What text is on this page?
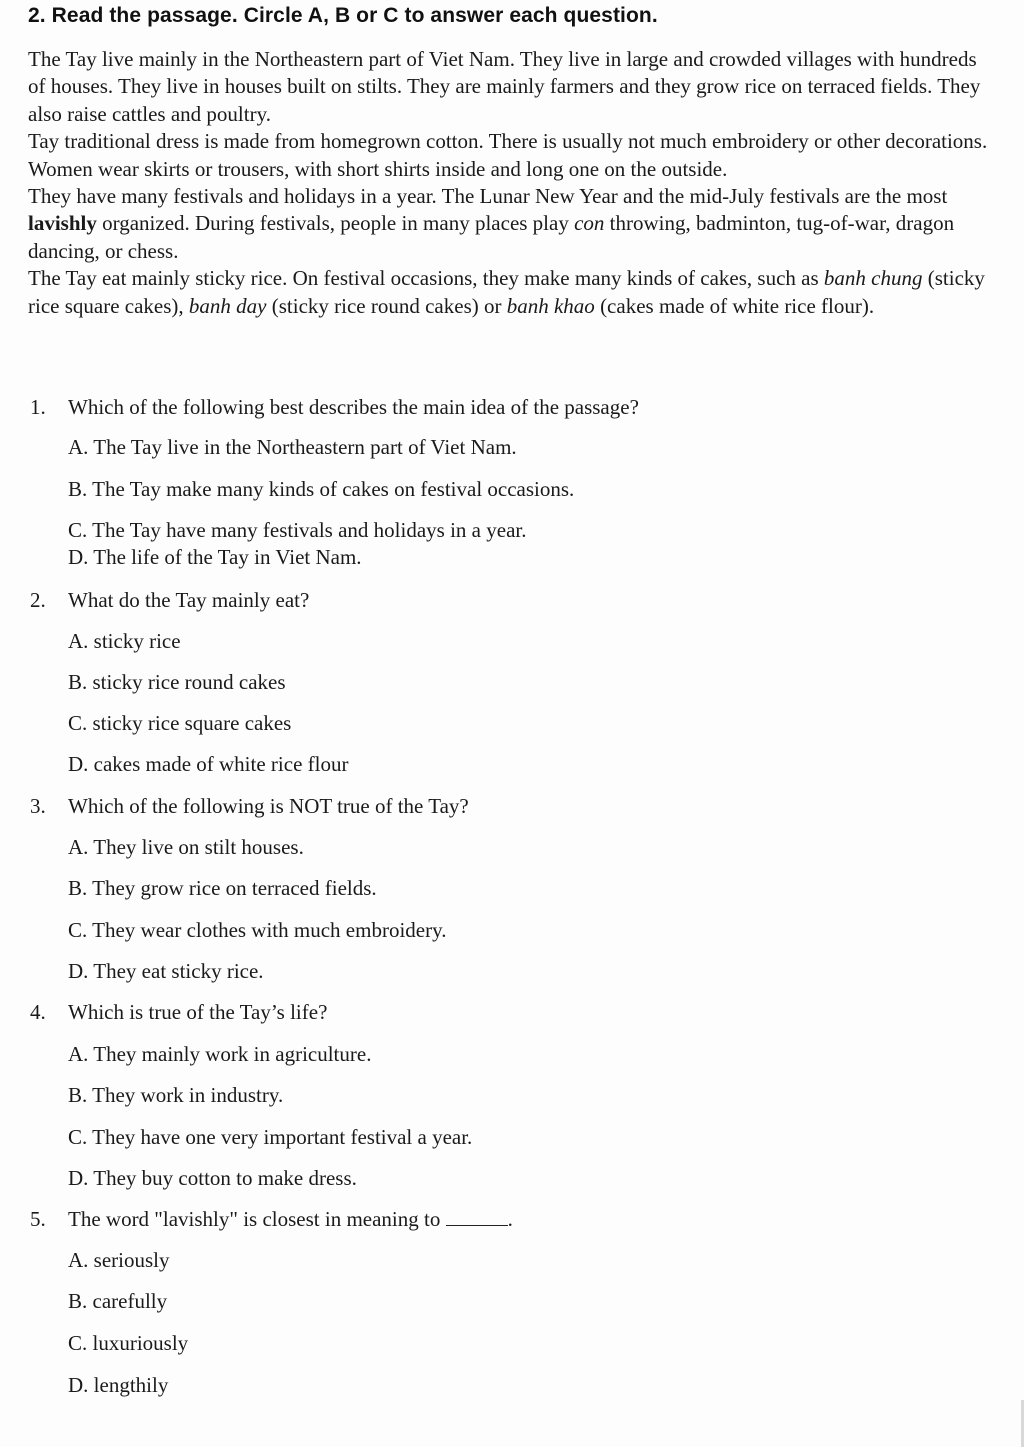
2. Read the passage. Circle A, B or C to answer each question.

The Tay live mainly in the Northeastern part of Viet Nam. They live in large and crowded villages with hundreds of houses. They live in houses built on stilts. They are mainly farmers and they grow rice on terraced fields. They also raise cattles and poultry.

Tay traditional dress is made from homegrown cotton. There is usually not much embroidery or other decorations. Women wear skirts or trousers, with short shirts inside and long one on the outside.

They have many festivals and holidays in a year. The Lunar New Year and the mid-July festivals are the most lavishly organized. During festivals, people in many places play con throwing, badminton, tug-of-war, dragon dancing, or chess.

The Tay eat mainly sticky rice. On festival occasions, they make many kinds of cakes, such as banh chung (sticky rice square cakes), banh day (sticky rice round cakes) or banh khao (cakes made of white rice flour).

1. Which of the following best describes the main idea of the passage?
A. The Tay live in the Northeastern part of Viet Nam.
B. The Tay make many kinds of cakes on festival occasions.
C. The Tay have many festivals and holidays in a year.
D. The life of the Tay in Viet Nam.
2. What do the Tay mainly eat?
A. sticky rice
B. sticky rice round cakes
C. sticky rice square cakes
D. cakes made of white rice flour
3. Which of the following is NOT true of the Tay?
A. They live on stilt houses.
B. They grow rice on terraced fields.
C. They wear clothes with much embroidery.
D. They eat sticky rice.
4. Which is true of the Tay’s life?
A. They mainly work in agriculture.
B. They work in industry.
C. They have one very important festival a year.
D. They buy cotton to make dress.
5. The word "lavishly" is closest in meaning to	.
A. seriously
B. carefully
C. luxuriously
D. lengthily
